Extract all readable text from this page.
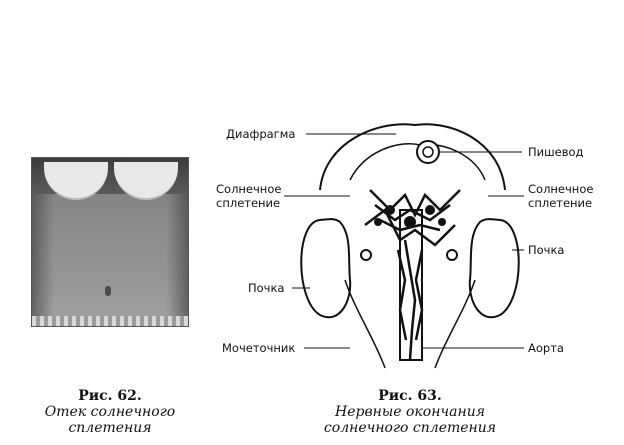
Диафрагма
Пишевод
Солнечное
сплетение
Солнечное
сплетение
Почка
Почка
Мочеточник	Аорта
Рис. 62.
Отек солнечного
сплетения
Рис. 63.
Нервные окончания
солнечного сплетения
